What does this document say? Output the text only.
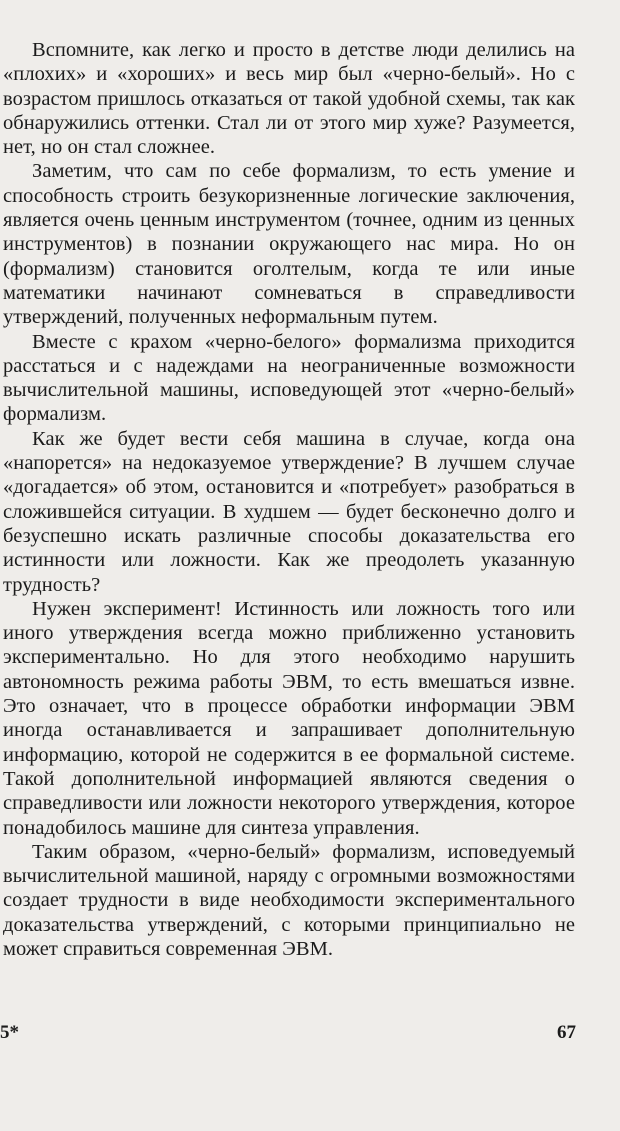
Вспомните, как легко и просто в детстве люди делились на «плохих» и «хороших» и весь мир был «черно-белый». Но с возрастом пришлось отказаться от такой удобной схемы, так как обнаружились оттенки. Стал ли от этого мир хуже? Разумеется, нет, но он стал сложнее.

Заметим, что сам по себе формализм, то есть умение и способность строить безукоризненные логические заключения, является очень ценным инструментом (точнее, одним из ценных инструментов) в познании окружающего нас мира. Но он (формализм) становится оголтелым, когда те или иные математики начинают сомневаться в справедливости утверждений, полученных неформальным путем.

Вместе с крахом «черно-белого» формализма приходится расстаться и с надеждами на неограниченные возможности вычислительной машины, исповедующей этот «черно-белый» формализм.

Как же будет вести себя машина в случае, когда она «напорется» на недоказуемое утверждение? В лучшем случае «догадается» об этом, остановится и «потребует» разобраться в сложившейся ситуации. В худшем — будет бесконечно долго и безуспешно искать различные способы доказательства его истинности или ложности. Как же преодолеть указанную трудность?

Нужен эксперимент! Истинность или ложность того или иного утверждения всегда можно приближенно установить экспериментально. Но для этого необходимо нарушить автономность режима работы ЭВМ, то есть вмешаться извне. Это означает, что в процессе обработки информации ЭВМ иногда останавливается и запрашивает дополнительную информацию, которой не содержится в ее формальной системе. Такой дополнительной информацией являются сведения о справедливости или ложности некоторого утверждения, которое понадобилось машине для синтеза управления.

Таким образом, «черно-белый» формализм, исповедуемый вычислительной машиной, наряду с огромными возможностями создает трудности в виде необходимости экспериментального доказательства утверждений, с которыми принципиально не может справиться современная ЭВМ.

5*	67
